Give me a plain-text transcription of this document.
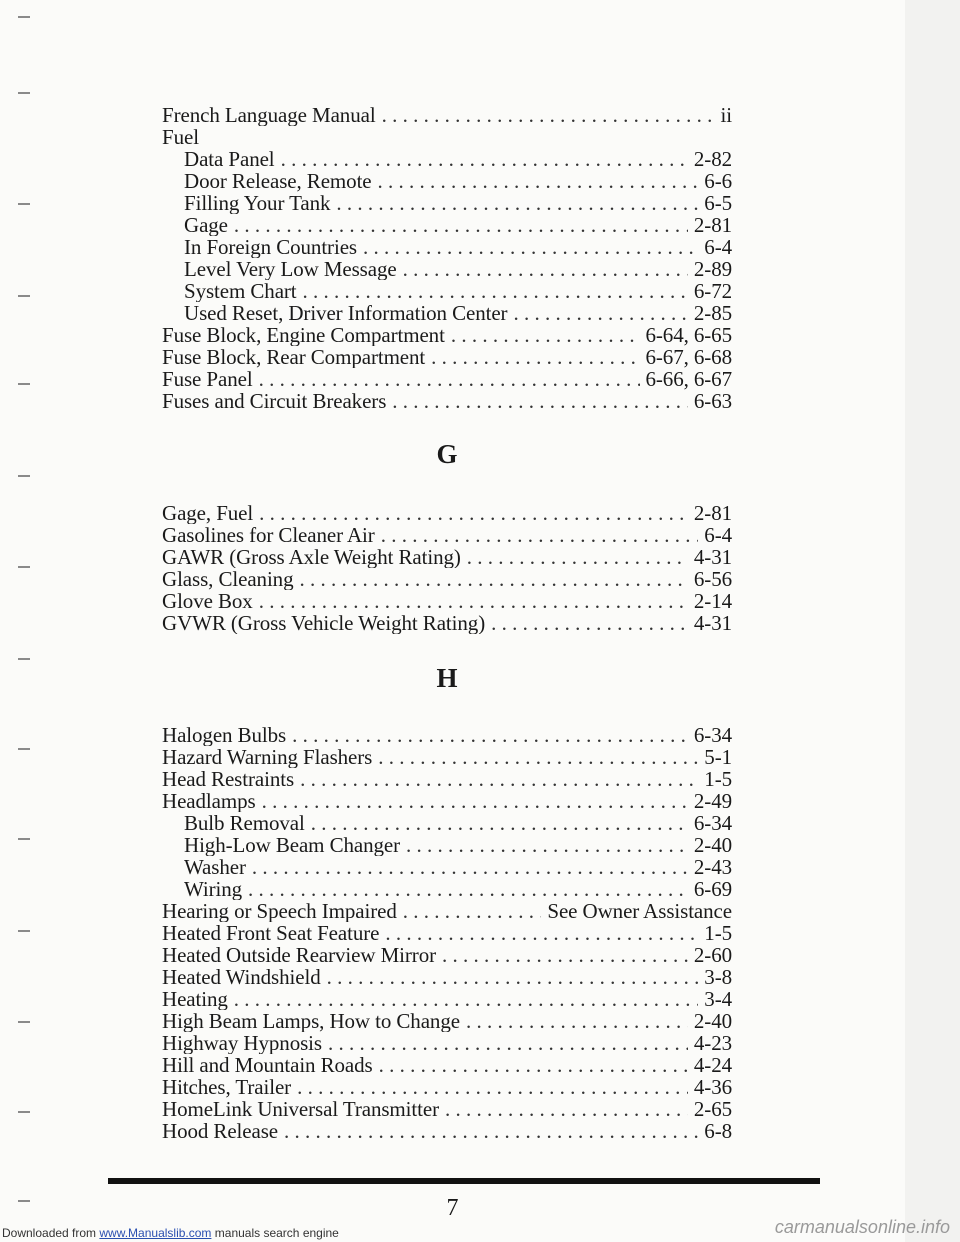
French Language Manual . . .	ii
Fuel
Data Panel . . .	2-82
Door Release, Remote . . .	6-6
Filling Your Tank . . .	6-5
Gage . . .	2-81
In Foreign Countries . . .	6-4
Level Very Low Message . . .	2-89
System Chart . . .	6-72
Used Reset, Driver Information Center . . .	2-85
Fuse Block, Engine Compartment . . .	6-64, 6-65
Fuse Block, Rear Compartment . . .	6-67, 6-68
Fuse Panel . . .	6-66, 6-67
Fuses and Circuit Breakers . . .	6-63
G
Gage, Fuel . . .	2-81
Gasolines for Cleaner Air . . .	6-4
GAWR (Gross Axle Weight Rating) . . .	4-31
Glass, Cleaning . . .	6-56
Glove Box . . .	2-14
GVWR (Gross Vehicle Weight Rating) . . .	4-31
H
Halogen Bulbs . . .	6-34
Hazard Warning Flashers . . .	5-1
Head Restraints . . .	1-5
Headlamps . . .	2-49
Bulb Removal . . .	6-34
High-Low Beam Changer . . .	2-40
Washer . . .	2-43
Wiring . . .	6-69
Hearing or Speech Impaired . . .	See Owner Assistance
Heated Front Seat Feature . . .	1-5
Heated Outside Rearview Mirror . . .	2-60
Heated Windshield . . .	3-8
Heating . . .	3-4
High Beam Lamps, How to Change . . .	2-40
Highway Hypnosis . . .	4-23
Hill and Mountain Roads . . .	4-24
Hitches, Trailer . . .	4-36
HomeLink Universal Transmitter . . .	2-65
Hood Release . . .	6-8
7
Downloaded from www.Manualslib.com manuals search engine	carmanualsonline.info
